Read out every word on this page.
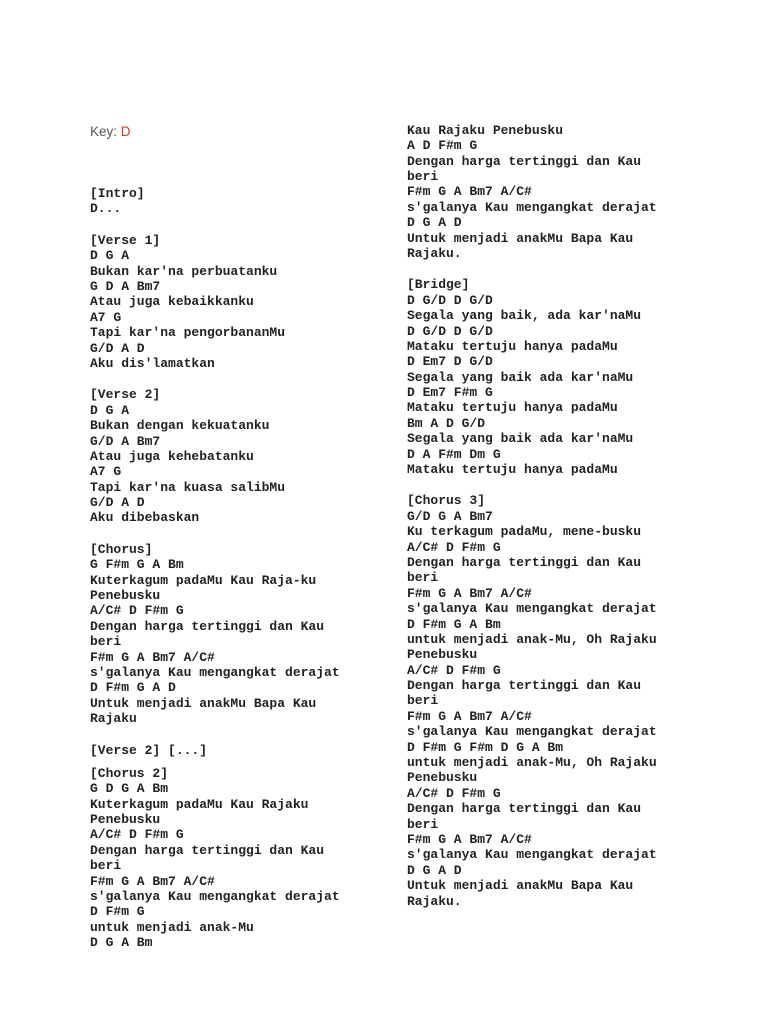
Key: D

[Intro]
D...
[Verse 1]
D G A
Bukan kar'na perbuatanku
G D A Bm7
Atau juga kebaikkanku
A7 G
Tapi kar'na pengorbananMu
G/D A D
Aku dis'lamatkan
[Verse 2]
D G A
Bukan dengan kekuatanku
G/D A Bm7
Atau juga kehebatanku
A7 G
Tapi kar'na kuasa salibMu
G/D A D
Aku dibebaskan
[Chorus]
G F#m G A Bm
Kuterkagum padaMu Kau Raja-ku
Penebusku
A/C# D F#m G
Dengan harga tertinggi dan Kau
beri
F#m G A Bm7 A/C#
s'galanya Kau mengangkat derajat
D F#m G A D
Untuk menjadi anakMu Bapa Kau
Rajaku
[Verse 2] [...]
[Chorus 2]
G D G A Bm
Kuterkagum padaMu Kau Rajaku
Penebusku
A/C# D F#m G
Dengan harga tertinggi dan Kau
beri
F#m G A Bm7 A/C#
s'galanya Kau mengangkat derajat
D F#m G
untuk menjadi anak-Mu
D G A Bm

Kau Rajaku Penebusku
A D F#m G
Dengan harga tertinggi dan Kau
beri
F#m G A Bm7 A/C#
s'galanya Kau mengangkat derajat
D G A D
Untuk menjadi anakMu Bapa Kau
Rajaku.
[Bridge]
D G/D D G/D
Segala yang baik, ada kar'naMu
D G/D D G/D
Mataku tertuju hanya padaMu
D Em7 D G/D
Segala yang baik ada kar'naMu
D Em7 F#m G
Mataku tertuju hanya padaMu
Bm A D G/D
Segala yang baik ada kar'naMu
D A F#m Dm G
Mataku tertuju hanya padaMu
[Chorus 3]
G/D G A Bm7
Ku terkagum padaMu, mene-busku
A/C# D F#m G
Dengan harga tertinggi dan Kau
beri
F#m G A Bm7 A/C#
s'galanya Kau mengangkat derajat
D F#m G A Bm
untuk menjadi anak-Mu, Oh Rajaku
Penebusku
A/C# D F#m G
Dengan harga tertinggi dan Kau
beri
F#m G A Bm7 A/C#
s'galanya Kau mengangkat derajat
D F#m G F#m D G A Bm
untuk menjadi anak-Mu, Oh Rajaku
Penebusku
A/C# D F#m G
Dengan harga tertinggi dan Kau
beri
F#m G A Bm7 A/C#
s'galanya Kau mengangkat derajat
D G A D
Untuk menjadi anakMu Bapa Kau
Rajaku.
